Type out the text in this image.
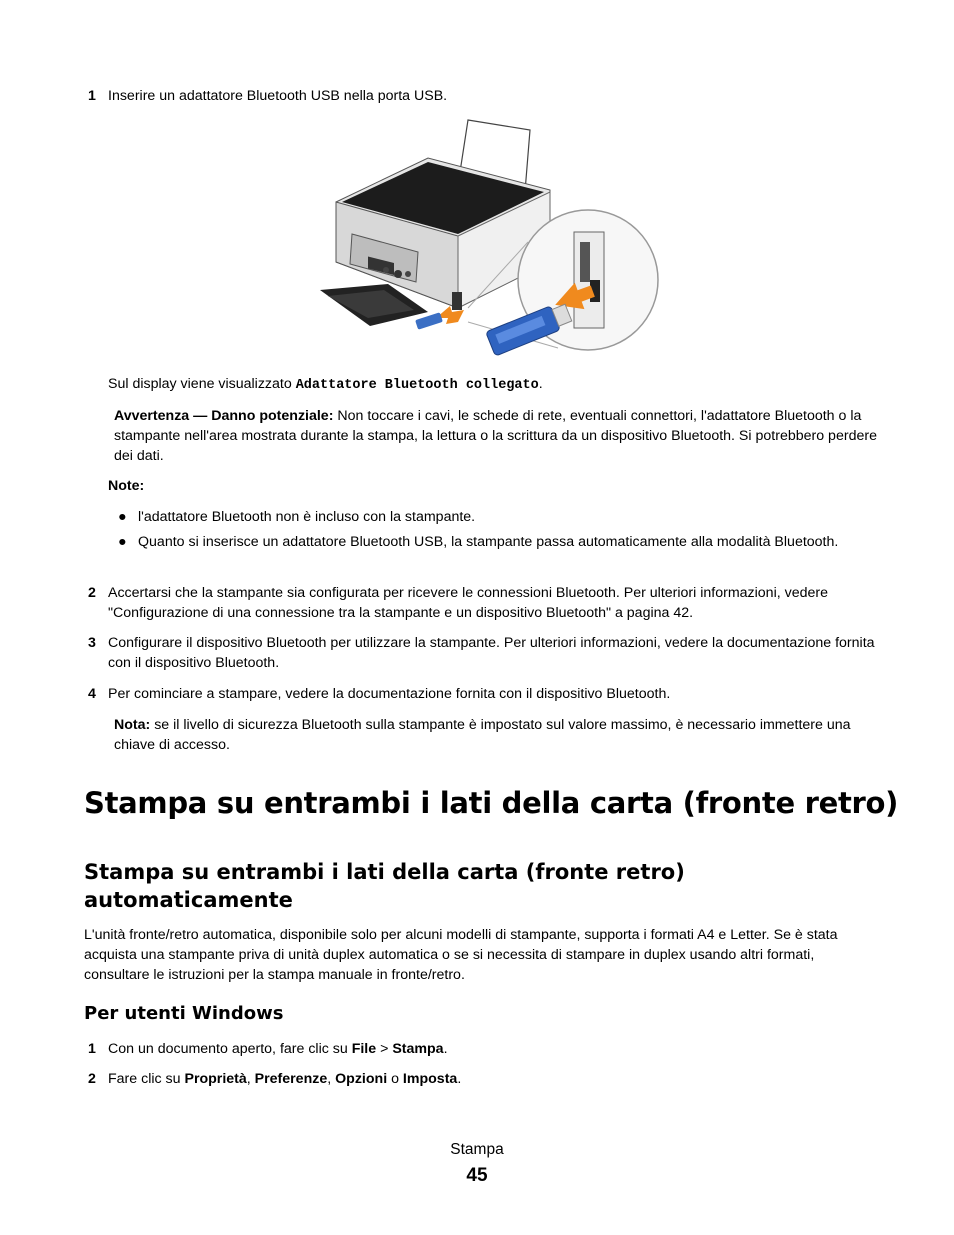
1 Inserire un adattatore Bluetooth USB nella porta USB.
Sul display viene visualizzato Adattatore Bluetooth collegato.
Avvertenza — Danno potenziale: Non toccare i cavi, le schede di rete, eventuali connettori, l'adattatore Bluetooth o la stampante nell'area mostrata durante la stampa, la lettura o la scrittura da un dispositivo Bluetooth. Si potrebbero perdere dei dati.
Note:
● l'adattatore Bluetooth non è incluso con la stampante.
● Quanto si inserisce un adattatore Bluetooth USB, la stampante passa automaticamente alla modalità Bluetooth.
2 Accertarsi che la stampante sia configurata per ricevere le connessioni Bluetooth. Per ulteriori informazioni, vedere "Configurazione di una connessione tra la stampante e un dispositivo Bluetooth" a pagina 42.
3 Configurare il dispositivo Bluetooth per utilizzare la stampante. Per ulteriori informazioni, vedere la documentazione fornita con il dispositivo Bluetooth.
4 Per cominciare a stampare, vedere la documentazione fornita con il dispositivo Bluetooth.
Nota: se il livello di sicurezza Bluetooth sulla stampante è impostato sul valore massimo, è necessario immettere una chiave di accesso.
Stampa su entrambi i lati della carta (fronte retro)
Stampa su entrambi i lati della carta (fronte retro) automaticamente
L'unità fronte/retro automatica, disponibile solo per alcuni modelli di stampante, supporta i formati A4 e Letter. Se è stata acquista una stampante priva di unità duplex automatica o se si necessita di stampare in duplex usando altri formati, consultare le istruzioni per la stampa manuale in fronte/retro.
Per utenti Windows
1 Con un documento aperto, fare clic su File > Stampa.
2 Fare clic su Proprietà, Preferenze, Opzioni o Imposta.
Stampa
45
